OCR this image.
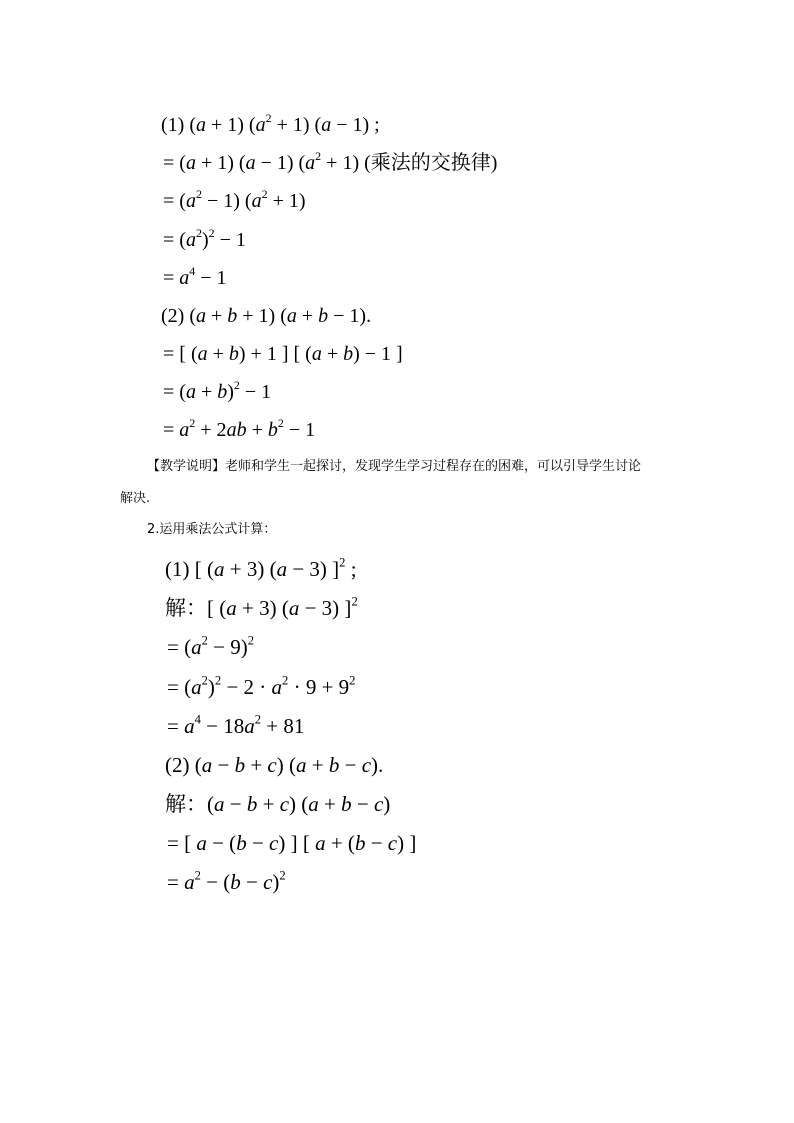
(1) (a + 1) $(a^2 + 1) (a - 1)$ ;
= (a + 1) (a − 1) $(a^2 + 1)$ (乘法的交换律)
= $(a^2 - 1) (a^2 + 1)$
= $(a^2)^2 - 1$
= $a^4 - 1$
(2) (a + b + 1) (a + b − 1).
= [ (a + b) + 1 ] [ (a + b) − 1 ]
= $(a + b)^2 - 1$
= $a^2 + 2ab + b^2 - 1$
【教学说明】老师和学生一起探讨，发现学生学习过程存在的困难，可以引导学生讨论
解决.
2.运用乘法公式计算：
(1) [ (a + 3) (a − 3) ]$^2$ ;
解：[ (a + 3) (a − 3) ]$^2$
= $(a^2 - 9)^2$
= $(a^2)^2 - 2 \cdot a^2 \cdot 9 + 9^2$
= $a^4 - 18a^2 + 81$
(2) (a − b + c) (a + b − c).
解：(a − b + c) (a + b − c)
= [ a − (b − c) ] [ a + (b − c) ]
= $a^2 - (b - c)^2$
